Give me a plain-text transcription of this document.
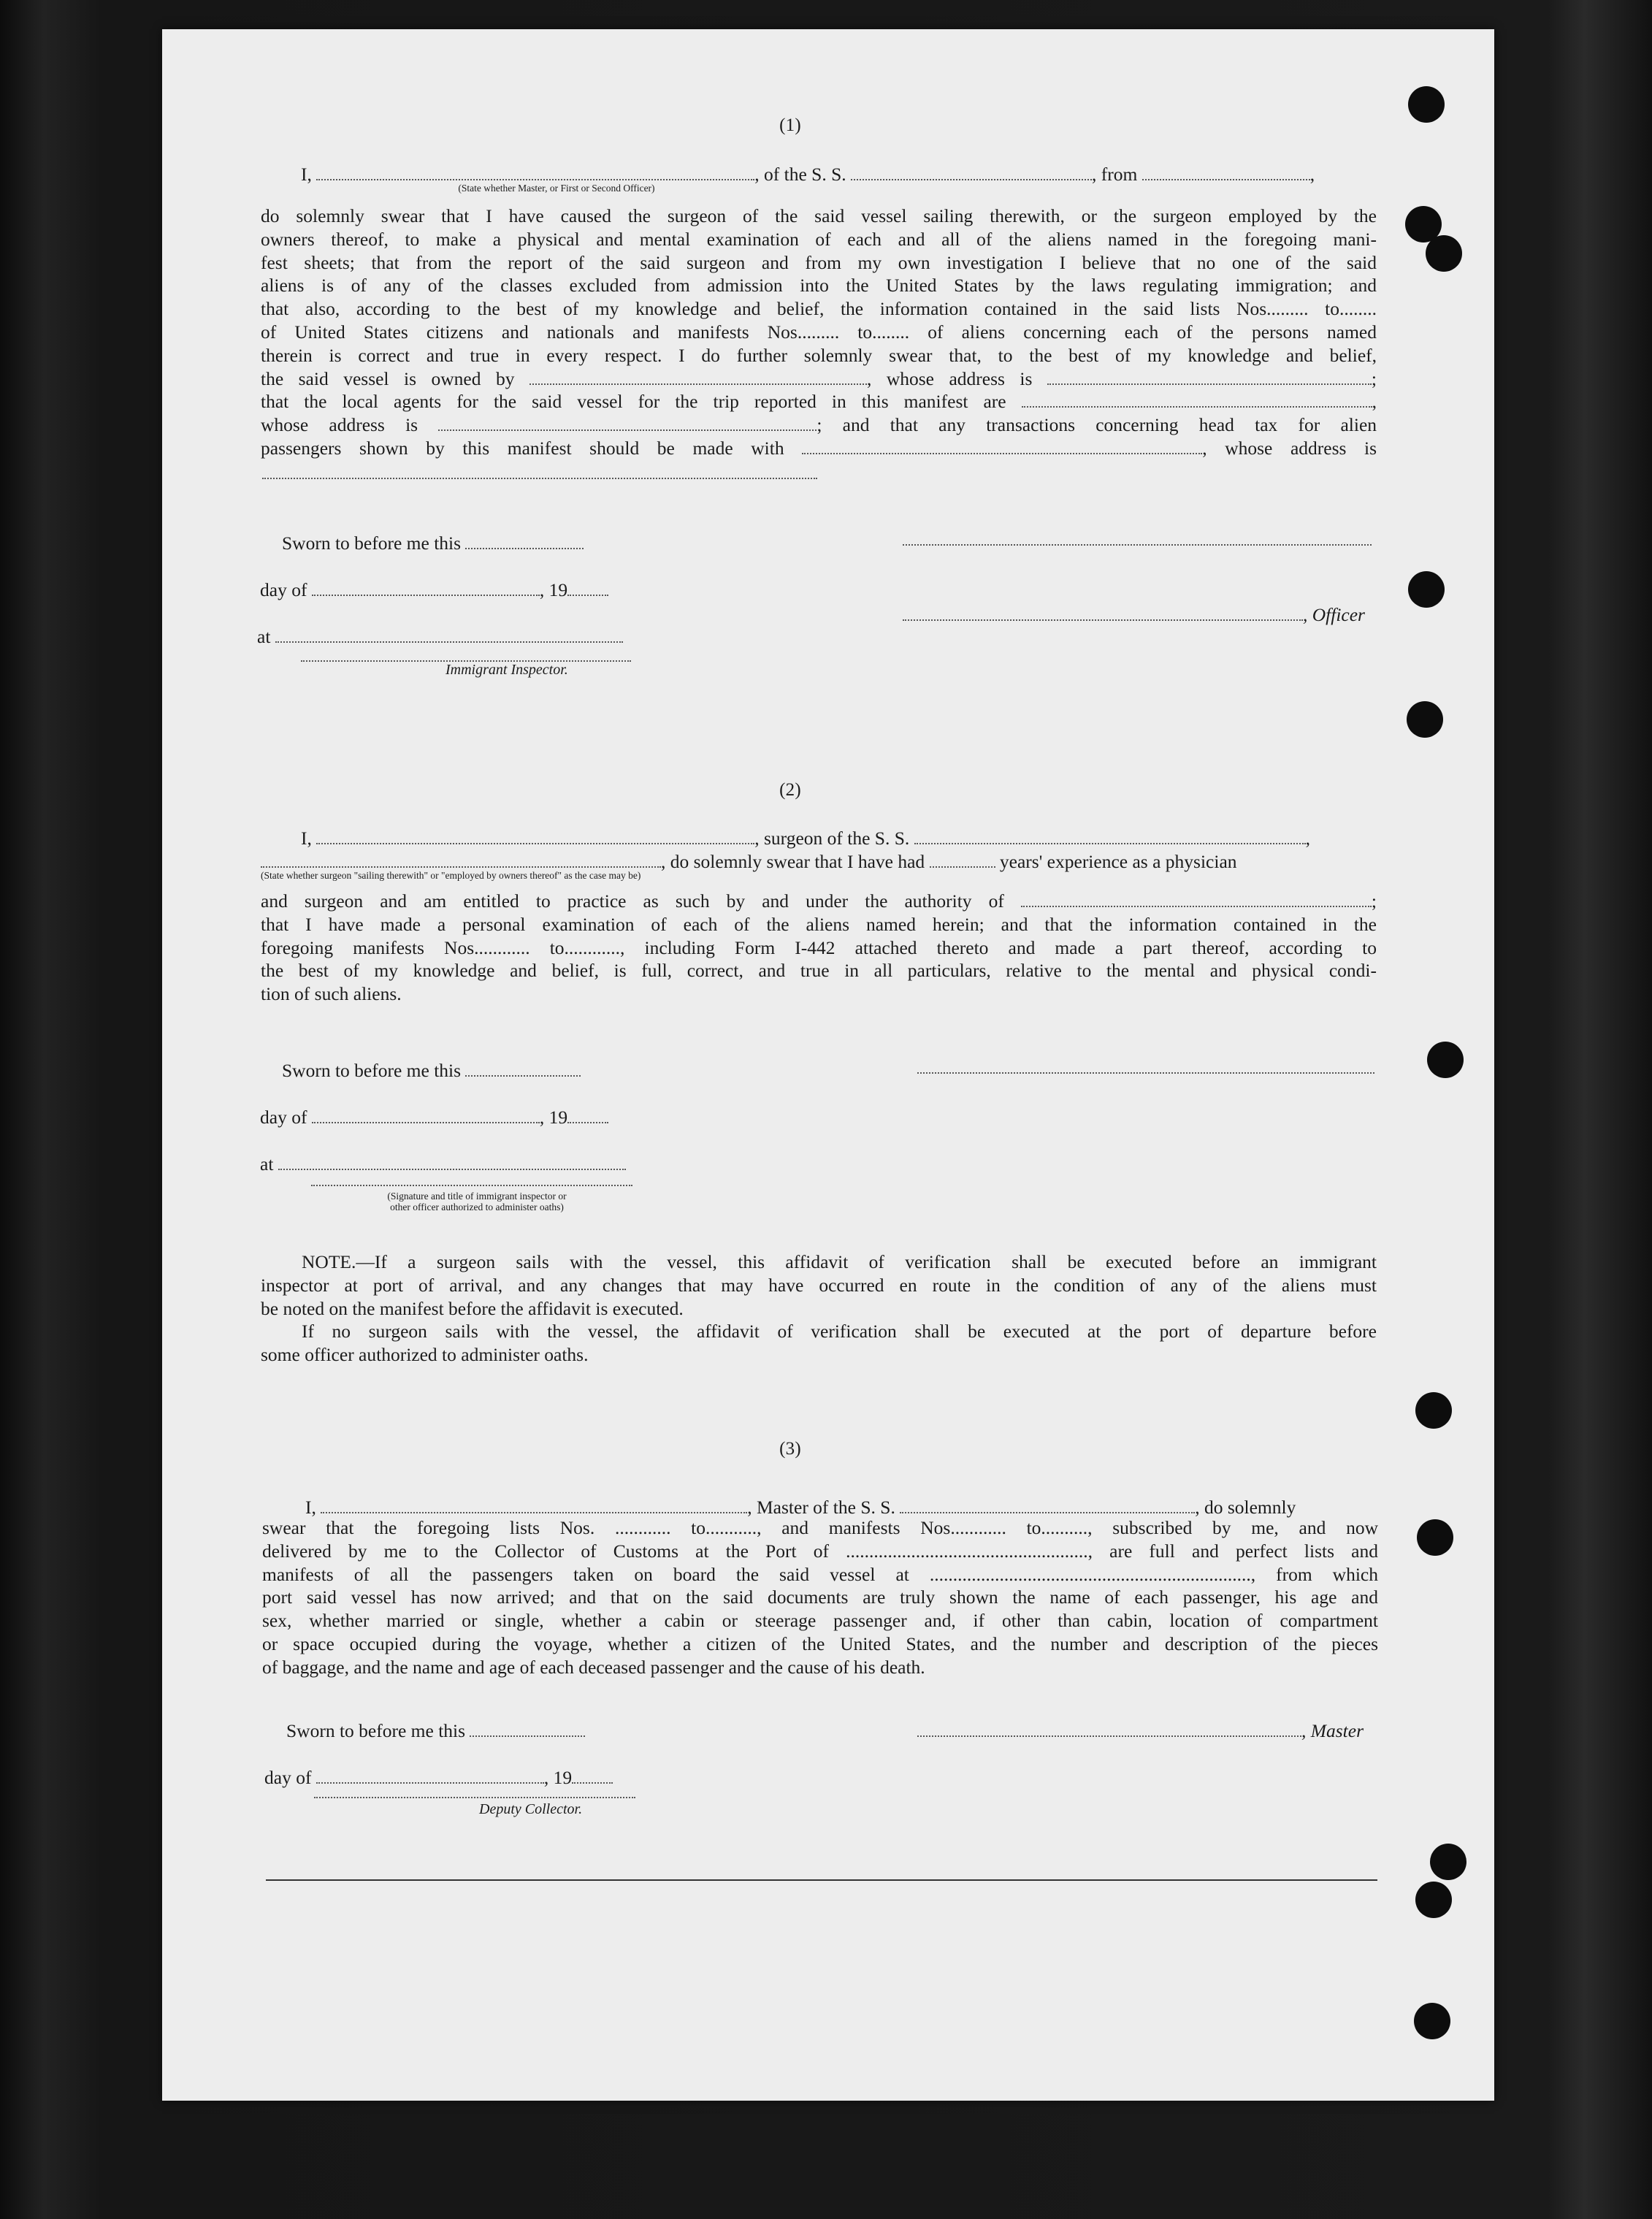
(1)
I,	, of the S. S.	, from	,
(State whether Master, or First or Second Officer)

do solemnly swear that I have caused the surgeon of the said vessel sailing therewith, or the surgeon employed by the

owners thereof, to make a physical and mental examination of each and all of the aliens named in the foregoing mani-

fest sheets; that from the report of the said surgeon and from my own investigation I believe that no one of the said

aliens is of any of the classes excluded from admission into the United States by the laws regulating immigration; and

that also, according to the best of my knowledge and belief, the information contained in the said lists Nos......... to........

of United States citizens and nationals and manifests Nos......... to........ of aliens concerning each of the persons named

therein is correct and true in every respect. I do further solemnly swear that, to the best of my knowledge and belief,

the said vessel is owned by	, whose address is	;

that the local agents for the said vessel for the trip reported in this manifest are	,

whose address is	; and that any transactions concerning head tax for alien

passengers shown by this manifest should be made with	, whose address is

Sworn to before me this
day of	, 19
, Officer
at
Immigrant Inspector.
(2)
I,	, surgeon of the S. S.	,
, do solemnly swear that I have had	years' experience as a physician
(State whether surgeon "sailing therewith" or "employed by owners thereof" as the case may be)

and surgeon and am entitled to practice as such by and under the authority of	;

that I have made a personal examination of each of the aliens named herein; and that the information contained in the

foregoing manifests Nos............ to............, including Form I-442 attached thereto and made a part thereof, according to

the best of my knowledge and belief, is full, correct, and true in all particulars, relative to the mental and physical condi-

tion of such aliens.

Sworn to before me this
day of	, 19
at
(Signature and title of immigrant inspector or
other officer authorized to administer oaths)

NOTE.—If a surgeon sails with the vessel, this affidavit of verification shall be executed before an immigrant

inspector at port of arrival, and any changes that may have occurred en route in the condition of any of the aliens must

be noted on the manifest before the affidavit is executed.

If no surgeon sails with the vessel, the affidavit of verification shall be executed at the port of departure before

some officer authorized to administer oaths.

(3)
I,	, Master of the S. S.	, do solemnly

swear that the foregoing lists Nos. ............ to..........., and manifests Nos............ to.........., subscribed by me, and now

delivered by me to the Collector of Customs at the Port of ...................................................., are full and perfect lists and

manifests of all the passengers taken on board the said vessel at ....................................................................., from which

port said vessel has now arrived; and that on the said documents are truly shown the name of each passenger, his age and

sex, whether married or single, whether a cabin or steerage passenger and, if other than cabin, location of compartment

or space occupied during the voyage, whether a citizen of the United States, and the number and description of the pieces

of baggage, and the name and age of each deceased passenger and the cause of his death.

Sworn to before me this	, Master
day of	, 19
Deputy Collector.
